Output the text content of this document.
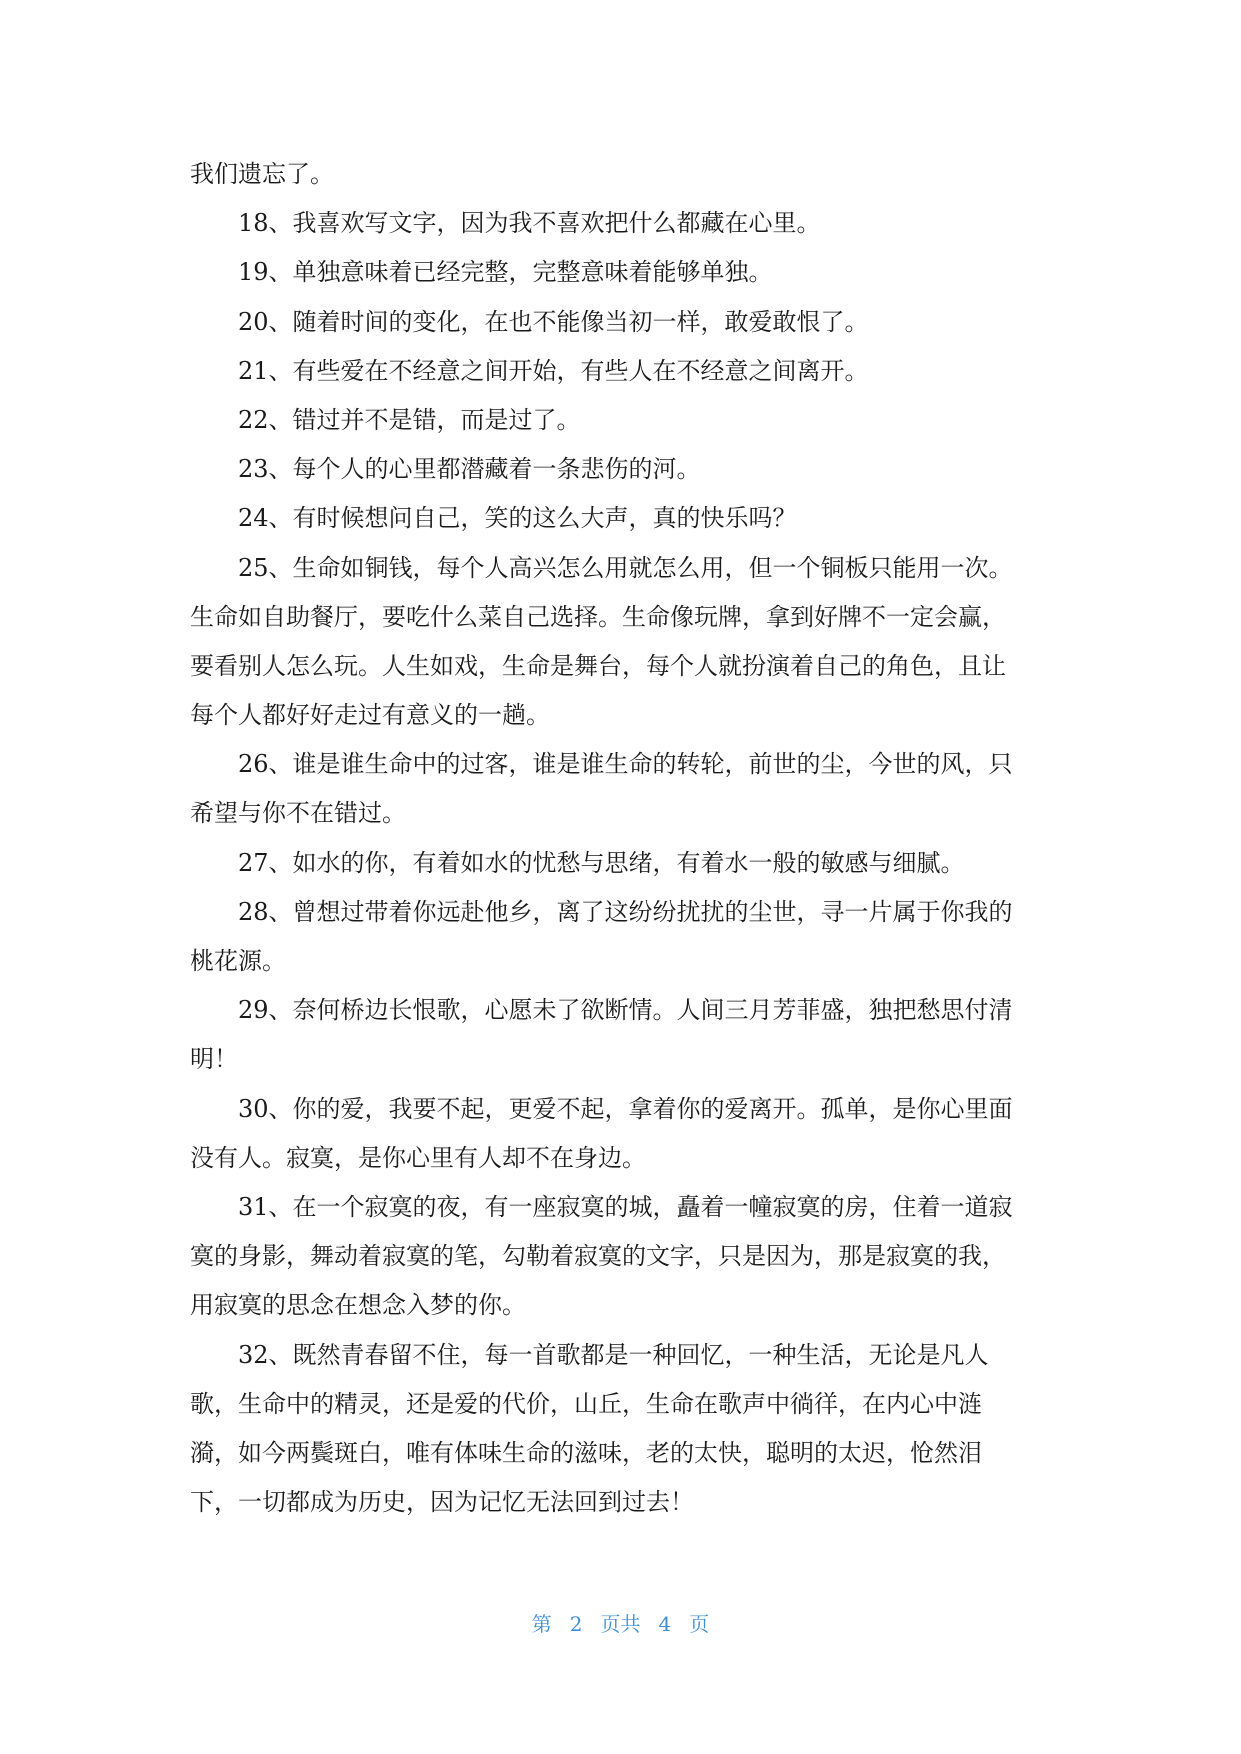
我们遗忘了。
18、我喜欢写文字，因为我不喜欢把什么都藏在心里。
19、单独意味着已经完整，完整意味着能够单独。
20、随着时间的变化，在也不能像当初一样，敢爱敢恨了。
21、有些爱在不经意之间开始，有些人在不经意之间离开。
22、错过并不是错，而是过了。
23、每个人的心里都潜藏着一条悲伤的河。
24、有时候想问自己，笑的这么大声，真的快乐吗？
25、生命如铜钱，每个人高兴怎么用就怎么用，但一个铜板只能用一次。
生命如自助餐厅，要吃什么菜自己选择。生命像玩牌，拿到好牌不一定会赢，
要看别人怎么玩。人生如戏，生命是舞台，每个人就扮演着自己的角色，且让
每个人都好好走过有意义的一趟。
26、谁是谁生命中的过客，谁是谁生命的转轮，前世的尘，今世的风，只
希望与你不在错过。
27、如水的你，有着如水的忧愁与思绪，有着水一般的敏感与细腻。
28、曾想过带着你远赴他乡，离了这纷纷扰扰的尘世，寻一片属于你我的
桃花源。
29、奈何桥边长恨歌，心愿未了欲断情。人间三月芳菲盛，独把愁思付清
明！
30、你的爱，我要不起，更爱不起，拿着你的爱离开。孤单，是你心里面
没有人。寂寞，是你心里有人却不在身边。
31、在一个寂寞的夜，有一座寂寞的城，矗着一幢寂寞的房，住着一道寂
寞的身影，舞动着寂寞的笔，勾勒着寂寞的文字，只是因为，那是寂寞的我，
用寂寞的思念在想念入梦的你。
32、既然青春留不住，每一首歌都是一种回忆，一种生活，无论是凡人
歌，生命中的精灵，还是爱的代价，山丘，生命在歌声中徜徉，在内心中涟
漪，如今两鬓斑白，唯有体味生命的滋味，老的太快，聪明的太迟，怆然泪
下，一切都成为历史，因为记忆无法回到过去！
第 2 页共 4 页
